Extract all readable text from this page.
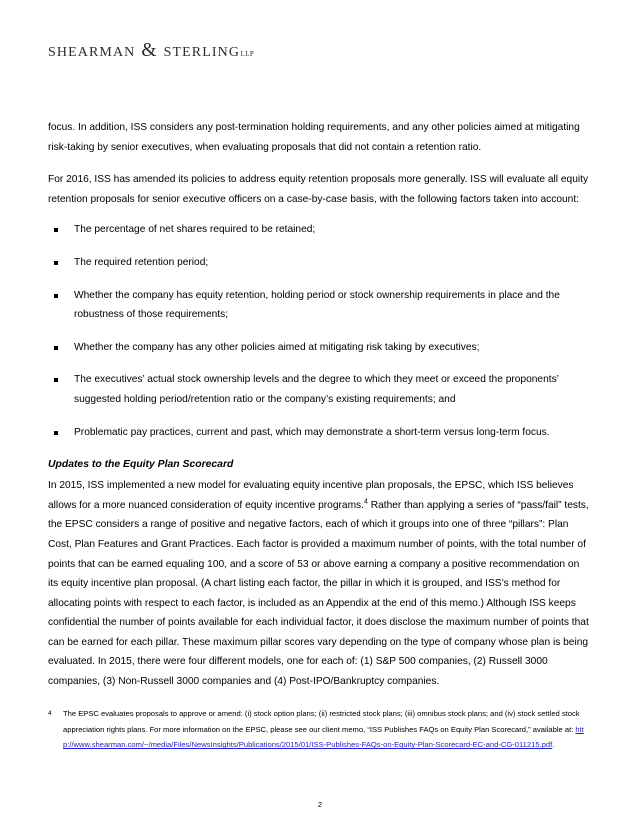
shearman & sterling llp

focus. In addition, ISS considers any post-termination holding requirements, and any other policies aimed at mitigating risk-taking by senior executives, when evaluating proposals that did not contain a retention ratio.

For 2016, ISS has amended its policies to address equity retention proposals more generally. ISS will evaluate all equity retention proposals for senior executive officers on a case-by-case basis, with the following factors taken into account:

The percentage of net shares required to be retained;
The required retention period;
Whether the company has equity retention, holding period or stock ownership requirements in place and the robustness of those requirements;
Whether the company has any other policies aimed at mitigating risk taking by executives;
The executives’ actual stock ownership levels and the degree to which they meet or exceed the proponents’ suggested holding period/retention ratio or the company’s existing requirements; and
Problematic pay practices, current and past, which may demonstrate a short-term versus long-term focus.
Updates to the Equity Plan Scorecard

In 2015, ISS implemented a new model for evaluating equity incentive plan proposals, the EPSC, which ISS believes allows for a more nuanced consideration of equity incentive programs.$^4$ Rather than applying a series of “pass/fail” tests, the EPSC considers a range of positive and negative factors, each of which it groups into one of three “pillars”: Plan Cost, Plan Features and Grant Practices. Each factor is provided a maximum number of points, with the total number of points that can be earned equaling 100, and a score of 53 or above earning a company a positive recommendation on its equity incentive plan proposal. (A chart listing each factor, the pillar in which it is grouped, and ISS’s method for allocating points with respect to each factor, is included as an Appendix at the end of this memo.) Although ISS keeps confidential the number of points available for each individual factor, it does disclose the maximum number of points that can be earned for each pillar. These maximum pillar scores vary depending on the type of company whose plan is being evaluated. In 2015, there were four different models, one for each of: (1) S&P 500 companies, (2) Russell 3000 companies, (3) Non-Russell 3000 companies and (4) Post-IPO/Bankruptcy companies.

4 The EPSC evaluates proposals to approve or amend: (i) stock option plans; (ii) restricted stock plans; (iii) omnibus stock plans; and (iv) stock settled stock appreciation rights plans. For more information on the EPSC, please see our client memo, “ISS Publishes FAQs on Equity Plan Scorecard,” available at: http://www.shearman.com/~/media/Files/NewsInsights/Publications/2015/01/ISS-Publishes-FAQs-on-Equity-Plan-Scorecard-EC-and-CG-011215.pdf.
2
